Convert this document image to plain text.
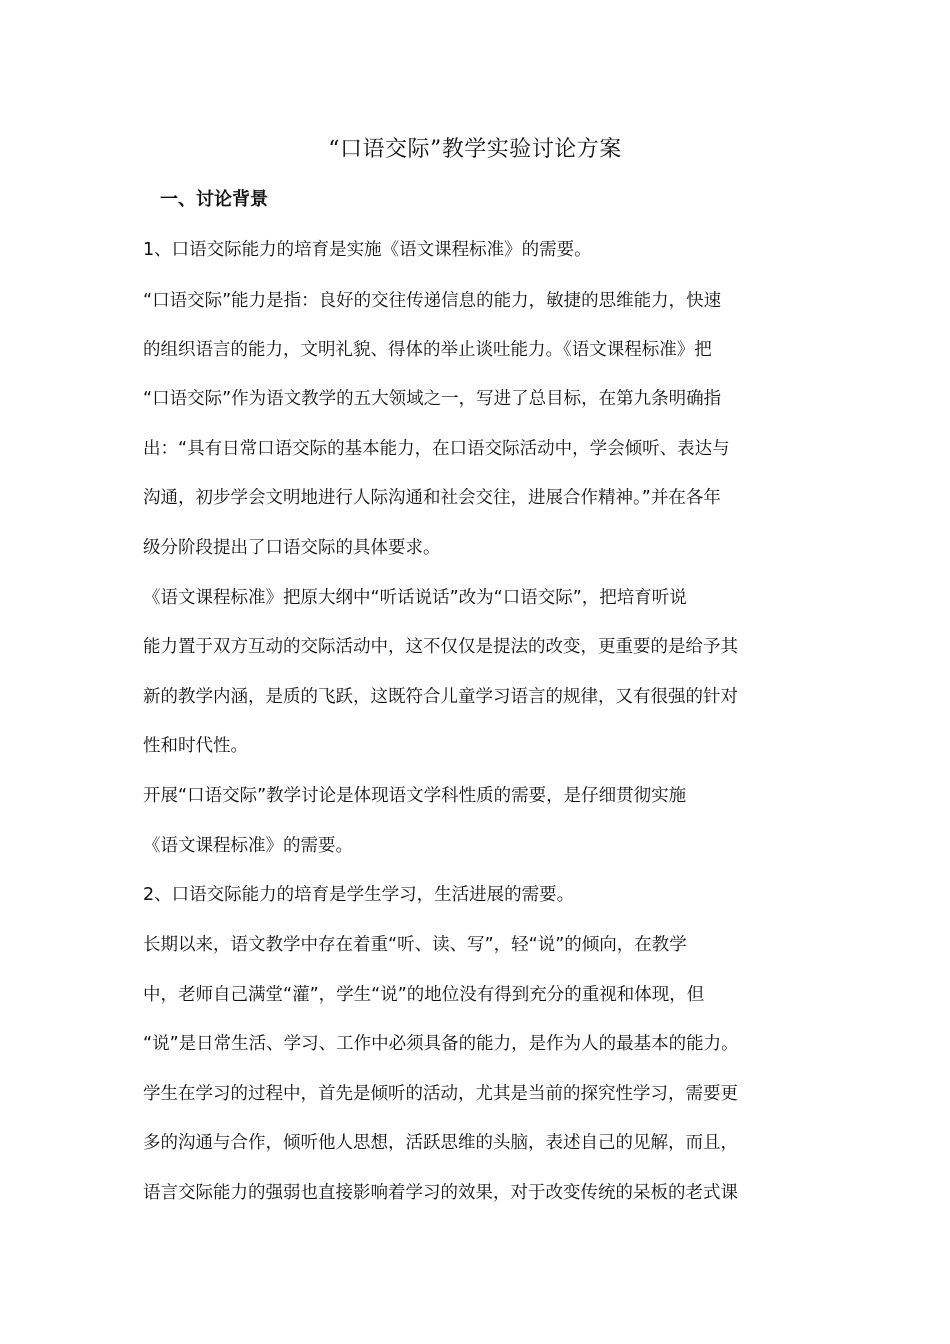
“口语交际”教学实验讨论方案
一、讨论背景
1、口语交际能力的培育是实施《语文课程标准》的需要。
“口语交际”能力是指：良好的交往传递信息的能力，敏捷的思维能力，快速
的组织语言的能力，文明礼貌、得体的举止谈吐能力。《语文课程标准》把
“口语交际”作为语文教学的五大领域之一，写进了总目标，在第九条明确指
出：“具有日常口语交际的基本能力，在口语交际活动中，学会倾听、表达与
沟通，初步学会文明地进行人际沟通和社会交往，进展合作精神。”并在各年
级分阶段提出了口语交际的具体要求。
《语文课程标准》把原大纲中“听话说话”改为“口语交际”，把培育听说
能力置于双方互动的交际活动中，这不仅仅是提法的改变，更重要的是给予其
新的教学内涵，是质的飞跃，这既符合儿童学习语言的规律，又有很强的针对
性和时代性。
开展“口语交际”教学讨论是体现语文学科性质的需要，是仔细贯彻实施
《语文课程标准》的需要。
2、口语交际能力的培育是学生学习，生活进展的需要。
长期以来，语文教学中存在着重“听、读、写”，轻“说”的倾向，在教学
中，老师自己满堂“灌”，学生“说”的地位没有得到充分的重视和体现，但
“说”是日常生活、学习、工作中必须具备的能力，是作为人的最基本的能力。
学生在学习的过程中，首先是倾听的活动，尤其是当前的探究性学习，需要更
多的沟通与合作，倾听他人思想，活跃思维的头脑，表述自己的见解，而且，
语言交际能力的强弱也直接影响着学习的效果，对于改变传统的呆板的老式课
